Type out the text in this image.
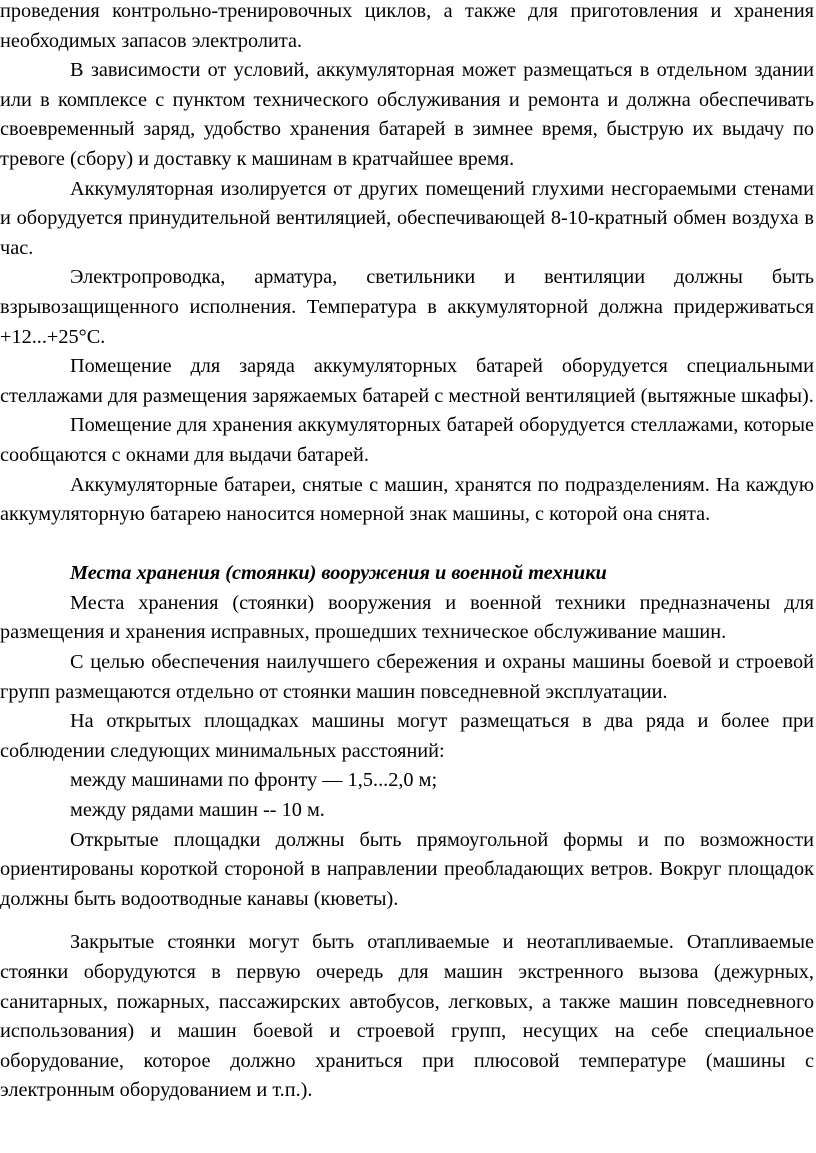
проведения контрольно-тренировочных циклов, а также для приготовления и хранения необходимых запасов электролита.

В зависимости от условий, аккумуляторная может размещаться в отдельном здании или в комплексе с пунктом технического обслуживания и ремонта и должна обеспечивать своевременный заряд, удобство хранения батарей в зимнее время, быструю их выдачу по тревоге (сбору) и доставку к машинам в кратчайшее время.

Аккумуляторная изолируется от других помещений глухими несгораемыми стенами и оборудуется принудительной вентиляцией, обеспечивающей 8-10-кратный обмен воздуха в час.

Электропроводка, арматура, светильники и вентиляции должны быть взрывозащищенного исполнения. Температура в аккумуляторной должна придерживаться +12...+25°С.

Помещение для заряда аккумуляторных батарей оборудуется специальными стеллажами для размещения заряжаемых батарей с местной вентиляцией (вытяжные шкафы).

Помещение для хранения аккумуляторных батарей оборудуется стеллажами, которые сообщаются с окнами для выдачи батарей.

Аккумуляторные батареи, снятые с машин, хранятся по подразделениям. На каждую аккумуляторную батарею наносится номерной знак машины, с которой она снята.

Места хранения (стоянки) вооружения и военной техники

Места хранения (стоянки) вооружения и военной техники предназначены для размещения и хранения исправных, прошедших техническое обслуживание машин.

С целью обеспечения наилучшего сбережения и охраны машины боевой и строевой групп размещаются отдельно от стоянки машин повседневной эксплуатации.

На открытых площадках машины могут размещаться в два ряда и более при соблюдении следующих минимальных расстояний:

между машинами по фронту — 1,5...2,0 м;

между рядами машин -- 10 м.

Открытые площадки должны быть прямоугольной формы и по возможности ориентированы короткой стороной в направлении преобладающих ветров. Вокруг площадок должны быть водоотводные канавы (кюветы).

Закрытые стоянки могут быть отапливаемые и неотапливаемые. Отапливаемые стоянки оборудуются в первую очередь для машин экстренного вызова (дежурных, санитарных, пожарных, пассажирских автобусов, легковых, а также машин повседневного использования) и машин боевой и строевой групп, несущих на себе специальное оборудование, которое должно храниться при плюсовой температуре (машины с электронным оборудованием и т.п.).
